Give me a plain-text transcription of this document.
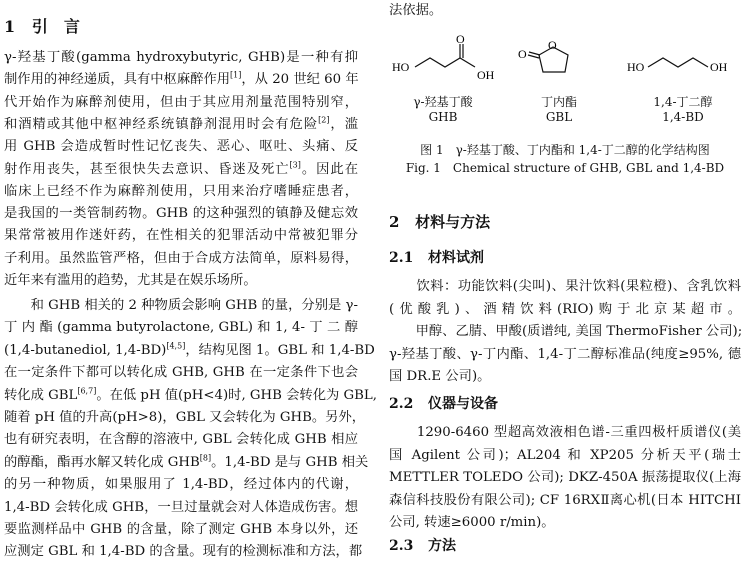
1 引　言
γ-羟基丁酸(gamma hydroxybutyric, GHB)是一种有抑
制作用的神经递质，具有中枢麻醉作用[1]，从 20 世纪 60 年
代开始作为麻醉剂使用，但由于其应用剂量范围特别窄，
和酒精或其他中枢神经系统镇静剂混用时会有危险[2]，滥
用 GHB 会造成暂时性记忆丧失、恶心、呕吐、头痛、反
射作用丧失，甚至很快失去意识、昏迷及死亡[3]。因此在
临床上已经不作为麻醉剂使用，只用来治疗嗜睡症患者，
是我国的一类管制药物。GHB 的这种强烈的镇静及健忘效
果常常被用作迷奸药，在性相关的犯罪活动中常被犯罪分
子利用。虽然监管严格，但由于合成方法简单，原料易得，
近年来有滥用的趋势，尤其是在娱乐场所。
　　和 GHB 相关的 2 种物质会影响 GHB 的量，分别是 γ-
丁 内 酯 (gamma butyrolactone, GBL) 和 1, 4- 丁 二 醇
(1,4-butanediol, 1,4-BD)[4,5]，结构见图 1。GBL 和 1,4-BD
在一定条件下都可以转化成 GHB, GHB 在一定条件下也会
转化成 GBL[6,7]。在低 pH 值(pH<4)时, GHB 会转化为 GBL,
随着 pH 值的升高(pH>8)，GBL 又会转化为 GHB。另外，
也有研究表明，在含醇的溶液中, GBL 会转化成 GHB 相应
的醇酯，酯再水解又转化成 GHB[8]。1,4-BD 是与 GHB 相关
的另一种物质，如果服用了 1,4-BD，经过体内的代谢，
1,4-BD 会转化成 GHB，一旦过量就会对人体造成伤害。想
要监测样品中 GHB 的含量，除了测定 GHB 本身以外，还
应测定 GBL 和 1,4-BD 的含量。现有的检测标准和方法，都
法依据。
HO
O
OH
O
O
HO	OH
γ-羟基丁酸
GHB
丁内酯
GBL
1,4-丁二醇
1,4-BD
图 1　γ-羟基丁酸、丁内酯和 1,4-丁二醇的化学结构图
Fig. 1　Chemical structure of GHB, GBL and 1,4-BD
2 材料与方法
2.1 材料试剂
　　饮料：功能饮料(尖叫)、果汁饮料(果粒橙)、含乳饮料
(优酸乳)、酒精饮料(RIO)购于北京某超市。
　　甲醇、乙腈、甲酸(质谱纯, 美国 ThermoFisher 公司);
γ-羟基丁酸、γ-丁内酯、1,4-丁二醇标准品(纯度≥95%, 德
国 DR.E 公司)。
2.2 仪器与设备
　　1290-6460 型超高效液相色谱-三重四极杆质谱仪(美
国 Agilent 公司)；AL204 和 XP205 分析天平(瑞士
METTLER TOLEDO 公司); DKZ-450A 振荡提取仪(上海
森信科技股份有限公司); CF 16RXⅡ离心机(日本 HITCHI
公司, 转速≥6000 r/min)。
2.3 方法
